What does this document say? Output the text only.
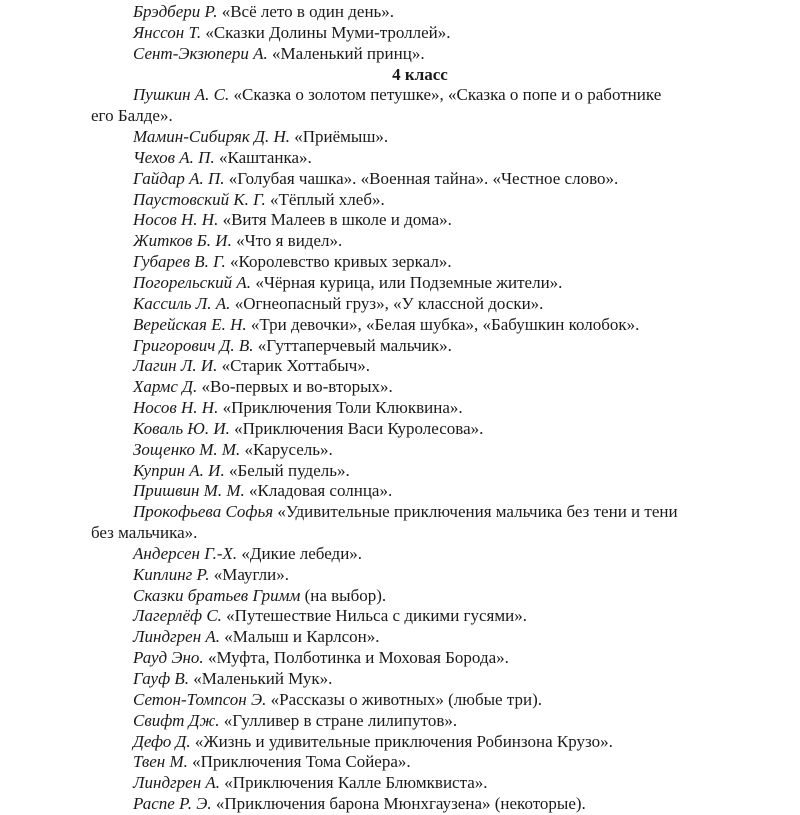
Брэдбери Р. «Всё лето в один день».
Янссон Т. «Сказки Долины Муми-троллей».
Сент-Экзюпери А. «Маленький принц».
4 класс
Пушкин А. С. «Сказка о золотом петушке», «Сказка о попе и о работнике
его Балде».
Мамин-Сибиряк Д. Н. «Приёмыш».
Чехов А. П. «Каштанка».
Гайдар А. П. «Голубая чашка». «Военная тайна». «Честное слово».
Паустовский К. Г. «Тёплый хлеб».
Носов Н. Н. «Витя Малеев в школе и дома».
Житков Б. И. «Что я видел».
Губарев В. Г. «Королевство кривых зеркал».
Погорельский А. «Чёрная курица, или Подземные жители».
Кассиль Л. А. «Огнеопасный груз», «У классной доски».
Верейская Е. Н. «Три девочки», «Белая шубка», «Бабушкин колобок».
Григорович Д. В. «Гуттаперчевый мальчик».
Лагин Л. И. «Старик Хоттабыч».
Хармс Д. «Во-первых и во-вторых».
Носов Н. Н. «Приключения Толи Клюквина».
Коваль Ю. И. «Приключения Васи Куролесова».
Зощенко М. М. «Карусель».
Куприн А. И. «Белый пудель».
Пришвин М. М. «Кладовая солнца».
Прокофьева Софья «Удивительные приключения мальчика без тени и тени
без мальчика».
Андерсен Г.-Х. «Дикие лебеди».
Киплинг Р. «Маугли».
Сказки братьев Гримм (на выбор).
Лагерлёф С. «Путешествие Нильса с дикими гусями».
Линдгрен А. «Малыш и Карлсон».
Рауд Эно. «Муфта, Полботинка и Моховая Борода».
Гауф В. «Маленький Мук».
Сетон-Томпсон Э. «Рассказы о животных» (любые три).
Свифт Дж. «Гулливер в стране лилипутов».
Дефо Д. «Жизнь и удивительные приключения Робинзона Крузо».
Твен М. «Приключения Тома Сойера».
Линдгрен А. «Приключения Калле Блюмквиста».
Распе Р. Э. «Приключения барона Мюнхгаузена» (некоторые).
